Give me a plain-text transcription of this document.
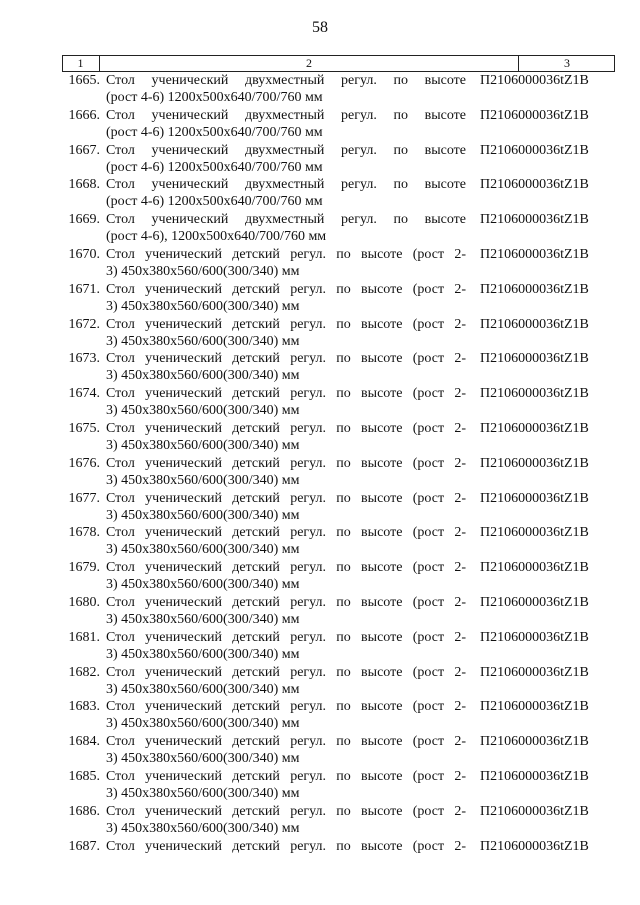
58
1	2	3
1665. Стол ученический двухместный регул. по высоте
(рост 4-6) 1200х500х640/700/760 мм
П2106000036tZ1B
1666. Стол ученический двухместный регул. по высоте
(рост 4-6) 1200х500х640/700/760 мм
П2106000036tZ1B
1667. Стол ученический двухместный регул. по высоте
(рост 4-6) 1200х500х640/700/760 мм
П2106000036tZ1B
1668. Стол ученический двухместный регул. по высоте
(рост 4-6) 1200х500х640/700/760 мм
П2106000036tZ1B
1669. Стол ученический двухместный регул. по высоте
(рост 4-6), 1200х500х640/700/760 мм
П2106000036tZ1B
1670. Стол ученический детский регул. по высоте (рост 2-
3) 450х380х560/600(300/340) мм
П2106000036tZ1B
1671. Стол ученический детский регул. по высоте (рост 2-
3) 450х380х560/600(300/340) мм
П2106000036tZ1B
1672. Стол ученический детский регул. по высоте (рост 2-
3) 450х380х560/600(300/340) мм
П2106000036tZ1B
1673. Стол ученический детский регул. по высоте (рост 2-
3) 450х380х560/600(300/340) мм
П2106000036tZ1B
1674. Стол ученический детский регул. по высоте (рост 2-
3) 450х380х560/600(300/340) мм
П2106000036tZ1B
1675. Стол ученический детский регул. по высоте (рост 2-
3) 450х380х560/600(300/340) мм
П2106000036tZ1B
1676. Стол ученический детский регул. по высоте (рост 2-
3) 450х380х560/600(300/340) мм
П2106000036tZ1B
1677. Стол ученический детский регул. по высоте (рост 2-
3) 450х380х560/600(300/340) мм
П2106000036tZ1B
1678. Стол ученический детский регул. по высоте (рост 2-
3) 450х380х560/600(300/340) мм
П2106000036tZ1B
1679. Стол ученический детский регул. по высоте (рост 2-
3) 450х380х560/600(300/340) мм
П2106000036tZ1B
1680. Стол ученический детский регул. по высоте (рост 2-
3) 450х380х560/600(300/340) мм
П2106000036tZ1B
1681. Стол ученический детский регул. по высоте (рост 2-
3) 450х380х560/600(300/340) мм
П2106000036tZ1B
1682. Стол ученический детский регул. по высоте (рост 2-
3) 450х380х560/600(300/340) мм
П2106000036tZ1B
1683. Стол ученический детский регул. по высоте (рост 2-
3) 450х380х560/600(300/340) мм
П2106000036tZ1B
1684. Стол ученический детский регул. по высоте (рост 2-
3) 450х380х560/600(300/340) мм
П2106000036tZ1B
1685. Стол ученический детский регул. по высоте (рост 2-
3) 450х380х560/600(300/340) мм
П2106000036tZ1B
1686. Стол ученический детский регул. по высоте (рост 2-
3) 450х380х560/600(300/340) мм
П2106000036tZ1B
1687. Стол ученический детский регул. по высоте (рост 2- П2106000036tZ1B
